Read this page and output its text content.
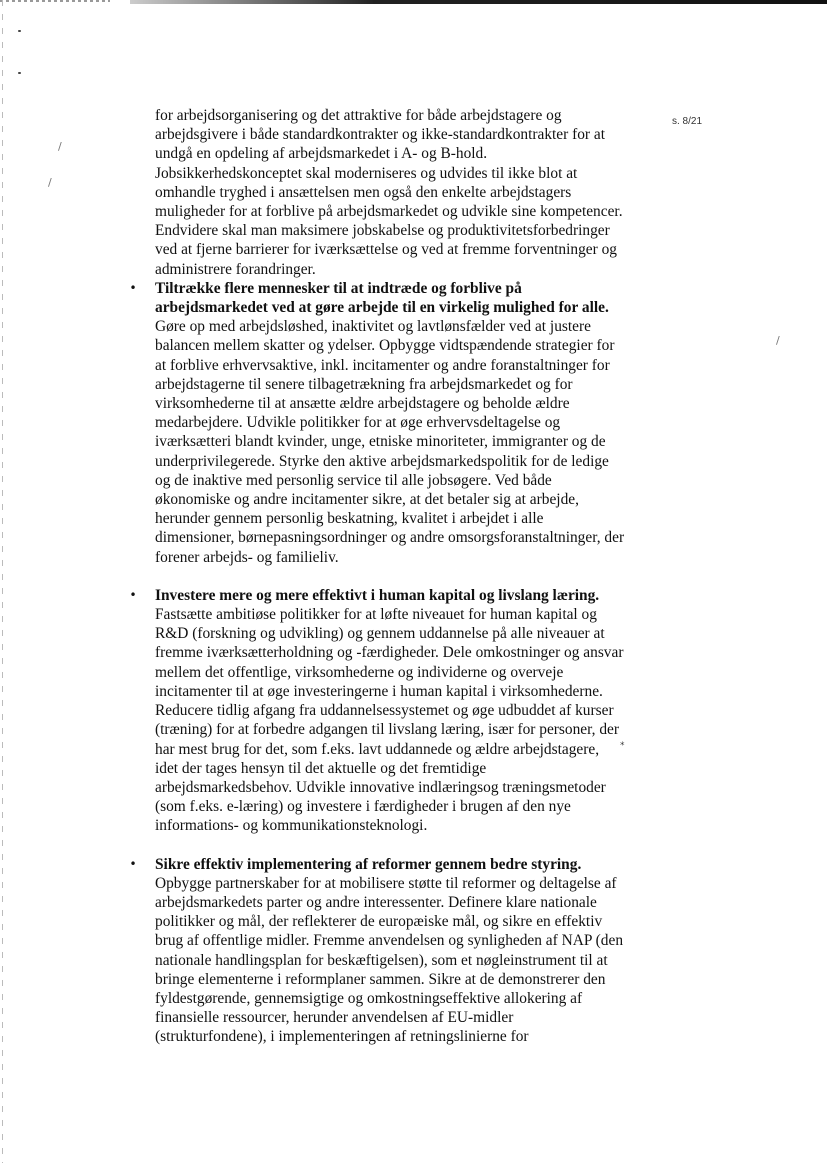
/
/
/
s. 8/21

for arbejdsorganisering og det attraktive for både arbejdstagere og arbejdsgivere i både standardkontrakter og ikke-standardkontrakter for at undgå en opdeling af arbejdsmarkedet i A- og B-hold. Jobsikkerhedskonceptet skal moderniseres og udvides til ikke blot at omhandle tryghed i ansættelsen men også den enkelte arbejdstagers muligheder for at forblive på arbejdsmarkedet og udvikle sine kompetencer. Endvidere skal man maksimere jobskabelse og produktivitetsforbedringer ved at fjerne barrierer for iværksættelse og ved at fremme forventninger og administrere forandringer.

• Tiltrække flere mennesker til at indtræde og forblive på arbejdsmarkedet ved at gøre arbejde til en virkelig mulighed for alle. Gøre op med arbejdsløshed, inaktivitet og lavtlønsfælder ved at justere balancen mellem skatter og ydelser. Opbygge vidtspændende strategier for at forblive erhvervsaktive, inkl. incitamenter og andre foranstaltninger for arbejdstagerne til senere tilbagetrækning fra arbejdsmarkedet og for virksomhederne til at ansætte ældre arbejdstagere og beholde ældre medarbejdere. Udvikle politikker for at øge erhvervsdeltagelse og iværksætteri blandt kvinder, unge, etniske minoriteter, immigranter og de underprivilegerede. Styrke den aktive arbejdsmarkedspolitik for de ledige og de inaktive med personlig service til alle jobsøgere. Ved både økonomiske og andre incitamenter sikre, at det betaler sig at arbejde, herunder gennem personlig beskatning, kvalitet i arbejdet i alle dimensioner, børnepasningsordninger og andre omsorgsforanstaltninger, der forener arbejds- og familieliv.

• Investere mere og mere effektivt i human kapital og livslang læring. Fastsætte ambitiøse politikker for at løfte niveauet for human kapital og R&D (forskning og udvikling) og gennem uddannelse på alle niveauer at fremme iværksætterholdning og -færdigheder. Dele omkostninger og ansvar mellem det offentlige, virksomhederne og individerne og overveje incitamenter til at øge investeringerne i human kapital i virksomhederne. Reducere tidlig afgang fra uddannelsessystemet og øge udbuddet af kurser (træning) for at forbedre adgangen til livslang læring, især for personer, der har mest brug for det, som f.eks. lavt uddannede og ældre arbejdstagere, idet der tages hensyn til det aktuelle og det fremtidige arbejdsmarkedsbehov. Udvikle innovative indlæringsog træningsmetoder (som f.eks. e-læring) og investere i færdigheder i brugen af den nye informations- og kommunikationsteknologi.

• Sikre effektiv implementering af reformer gennem bedre styring. Opbygge partnerskaber for at mobilisere støtte til reformer og deltagelse af arbejdsmarkedets parter og andre interessenter. Definere klare nationale politikker og mål, der reflekterer de europæiske mål, og sikre en effektiv brug af offentlige midler. Fremme anvendelsen og synligheden af NAP (den nationale handlingsplan for beskæftigelsen), som et nøgleinstrument til at bringe elementerne i reformplaner sammen. Sikre at de demonstrerer den fyldestgørende, gennemsigtige og omkostningseffektive allokering af finansielle ressourcer, herunder anvendelsen af EU-midler (strukturfondene), i implementeringen af retningslinierne for

⁎
